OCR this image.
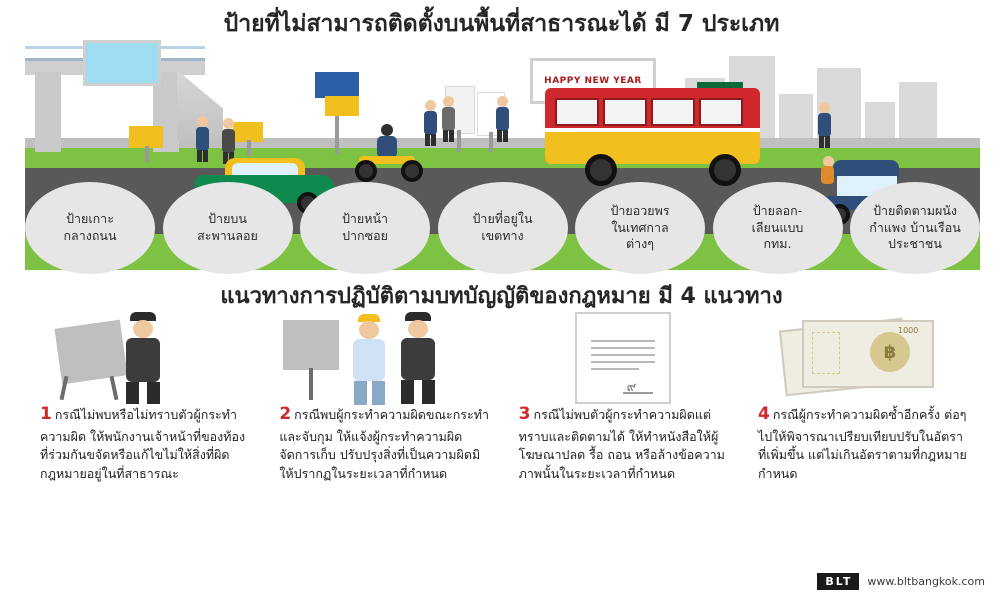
ป้ายที่ไม่สามารถติดตั้งบนพื้นที่สาธารณะได้ มี 7 ประเภท
HAPPY NEW YEAR
ป้ายเกาะ
กลางถนน
ป้ายบน
สะพานลอย
ป้ายหน้า
ปากซอย
ป้ายที่อยู่ใน
เขตทาง
ป้ายอวยพร
ในเทศกาล
ต่างๆ
ป้ายลอก-
เลียนแบบ
กทม.
ป้ายติดตามผนัง
กำแพง บ้านเรือน
ประชาชน
แนวทางการปฏิบัติตามบทบัญญัติของกฎหมาย มี 4 แนวทาง
1 กรณีไม่พบหรือไม่ทราบตัวผู้กระทำความผิด ให้พนักงานเจ้าหน้าที่ของท้องที่ร่วมกันขจัดหรือแก้ไขไม่ให้สิ่งที่ผิดกฎหมายอยู่ในที่สาธารณะ
2 กรณีพบผู้กระทำความผิดขณะกระทำและจับกุม ให้แจ้งผู้กระทำความผิดจัดการเก็บ ปรับปรุงสิ่งที่เป็นความผิดมิให้ปรากฏในระยะเวลาที่กำหนด
๙
3 กรณีไม่พบตัวผู้กระทำความผิดแต่ทราบและติดตามได้ ให้ทำหนังสือให้ผู้โฆษณาปลด รื้อ ถอน หรือล้างข้อความ ภาพนั้นในระยะเวลาที่กำหนด
฿
1000
4 กรณีผู้กระทำความผิดซ้ำอีกครั้ง ต่อๆ ไปให้พิจารณาเปรียบเทียบปรับในอัตราที่เพิ่มขึ้น แต่ไม่เกินอัตราตามที่กฎหมายกำหนด
BLT	www.bltbangkok.com
